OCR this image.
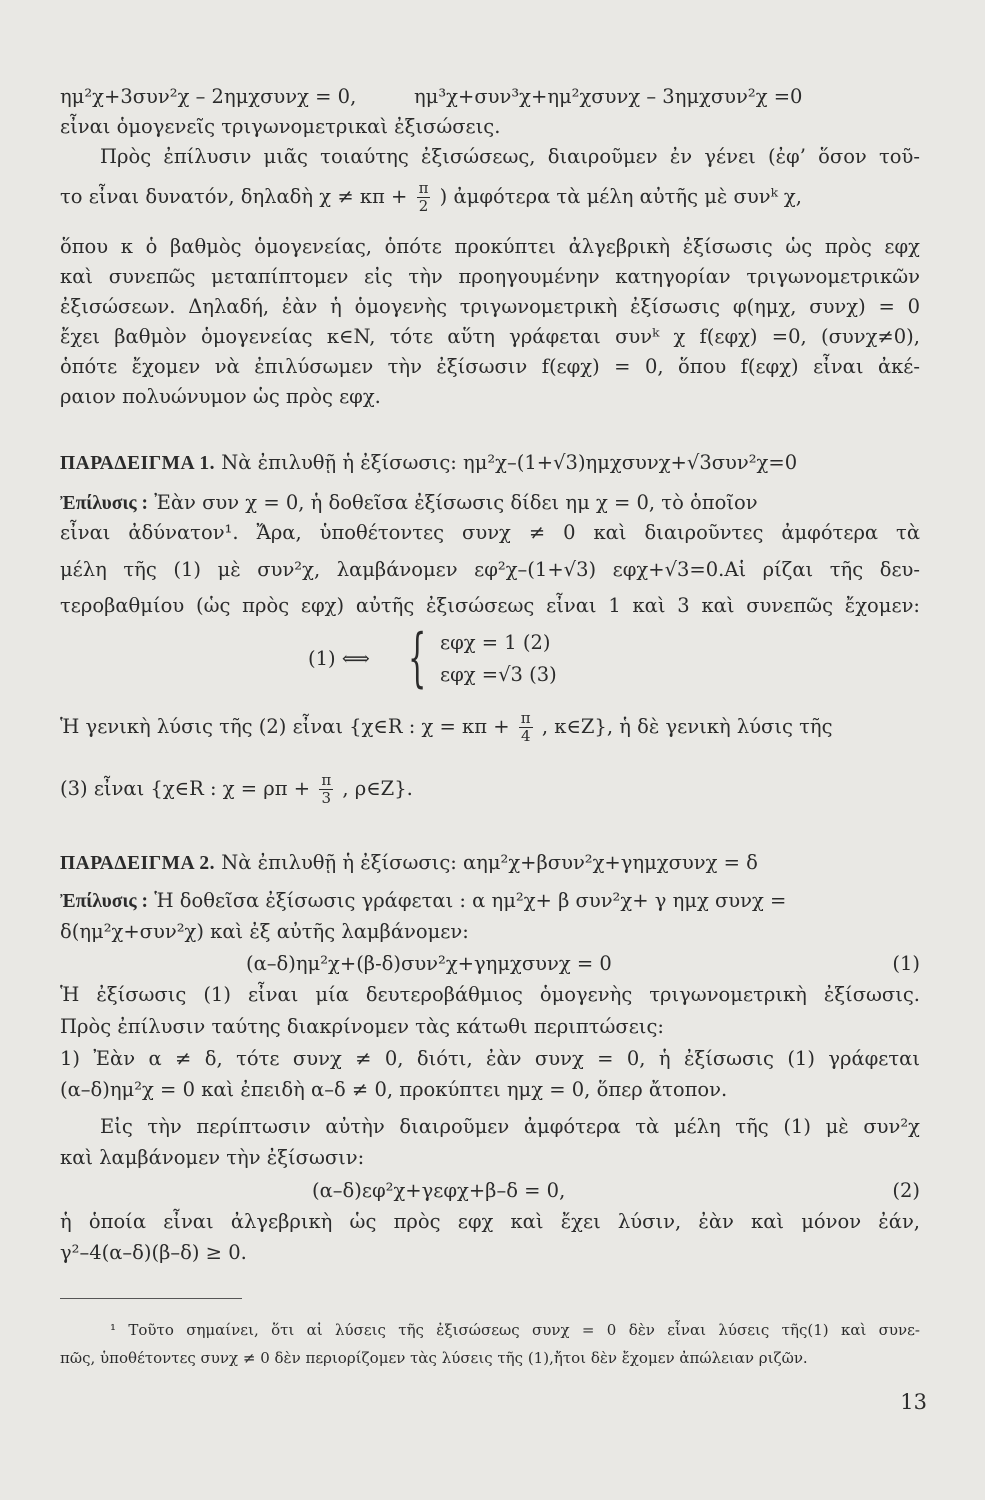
ημ²χ+3συν²χ – 2ημχσυνχ = 0,	ημ³χ+συν³χ+ημ²χσυνχ – 3ημχσυν²χ =0
εἶναι ὁμογενεῖς τριγωνομετρικαὶ ἐξισώσεις.
Πρὸς ἐπίλυσιν μιᾶς τοιαύτης ἐξισώσεως, διαιροῦμεν ἐν γένει (ἐφ’ ὅσον τοῦ-
το εἶναι δυνατόν, δηλαδὴ $\chi \ne \kappa\pi + \frac{\pi}{2}$ ) ἀμφότερα τὰ μέλη αὐτῆς μὲ συνᵏ χ,
ὅπου κ ὁ βαθμὸς ὁμογενείας, ὁπότε προκύπτει ἀλγεβρικὴ ἐξίσωσις ὡς πρὸς εφχ
καὶ συνεπῶς μεταπίπτομεν εἰς τὴν προηγουμένην κατηγορίαν τριγωνομετρικῶν
ἐξισώσεων. Δηλαδή, ἐὰν ἡ ὁμογενὴς τριγωνομετρικὴ ἐξίσωσις φ(ημχ, συνχ) = 0
ἔχει βαθμὸν ὁμογενείας κ∈N, τότε αὕτη γράφεται συνᵏ χ f(εφχ) =0, (συνχ≠0),
ὁπότε ἔχομεν νὰ ἐπιλύσωμεν τὴν ἐξίσωσιν f(εφχ) = 0, ὅπου f(εφχ) εἶναι ἀκέ-
ραιον πολυώνυμον ὡς πρὸς εφχ.
ΠΑΡΑΔΕΙΓΜΑ 1. Νὰ ἐπιλυθῇ ἡ ἐξίσωσις: ημ²χ–(1+√3)ημχσυνχ+√3συν²χ=0
Ἐπίλυσις : Ἐὰν συν χ = 0, ἡ δοθεῖσα ἐξίσωσις δίδει ημ χ = 0, τὸ ὁποῖον
εἶναι ἀδύνατον¹. Ἄρα, ὑποθέτοντες συνχ ≠ 0 καὶ διαιροῦντες ἀμφότερα τὰ
μέλη τῆς (1) μὲ συν²χ, λαμβάνομεν εφ²χ–(1+√3) εφχ+√3=0.Αἱ ρίζαι τῆς δευ-
τεροβαθμίου (ὡς πρὸς εφχ) αὐτῆς ἐξισώσεως εἶναι 1 καὶ 3 καὶ συνεπῶς ἔχομεν:
(1) ⟺ { εφχ = 1 (2)
εφχ =√3 (3)
Ἡ γενικὴ λύσις τῆς (2) εἶναι {χ∈R : $\chi = \kappa\pi + \frac{\pi}{4}$ , κ∈Z}, ἡ δὲ γενικὴ λύσις τῆς
(3) εἶναι {χ∈R : $\chi = \rho\pi + \frac{\pi}{3}$ , ρ∈Z}.
ΠΑΡΑΔΕΙΓΜΑ 2. Νὰ ἐπιλυθῇ ἡ ἐξίσωσις: αημ²χ+βσυν²χ+γημχσυνχ = δ
Ἐπίλυσις : Ἡ δοθεῖσα ἐξίσωσις γράφεται : α ημ²χ+ β συν²χ+ γ ημχ συνχ =
δ(ημ²χ+συν²χ) καὶ ἐξ αὐτῆς λαμβάνομεν:
(α–δ)ημ²χ+(β-δ)συν²χ+γημχσυνχ = 0	(1)
Ἡ ἐξίσωσις (1) εἶναι μία δευτεροβάθμιος ὁμογενὴς τριγωνομετρικὴ ἐξίσωσις.
Πρὸς ἐπίλυσιν ταύτης διακρίνομεν τὰς κάτωθι περιπτώσεις:
1) Ἐὰν α ≠ δ, τότε συνχ ≠ 0, διότι, ἐὰν συνχ = 0, ἡ ἐξίσωσις (1) γράφεται
(α–δ)ημ²χ = 0 καὶ ἐπειδὴ α–δ ≠ 0, προκύπτει ημχ = 0, ὅπερ ἄτοπον.
Εἰς τὴν περίπτωσιν αὐτὴν διαιροῦμεν ἀμφότερα τὰ μέλη τῆς (1) μὲ συν²χ
καὶ λαμβάνομεν τὴν ἐξίσωσιν:
(α–δ)εφ²χ+γεφχ+β–δ = 0,	(2)
ἡ ὁποία εἶναι ἀλγεβρικὴ ὡς πρὸς εφχ καὶ ἔχει λύσιν, ἐὰν καὶ μόνον ἐάν,
γ²–4(α–δ)(β–δ) ≥ 0.
¹ Τοῦτο σημαίνει, ὅτι αἱ λύσεις τῆς ἐξισώσεως συνχ = 0 δὲν εἶναι λύσεις τῆς(1) καὶ συνε-
πῶς, ὑποθέτοντες συνχ ≠ 0 δὲν περιορίζομεν τὰς λύσεις τῆς (1),ἤτοι δὲν ἔχομεν ἀπώλειαν ριζῶν.
13
